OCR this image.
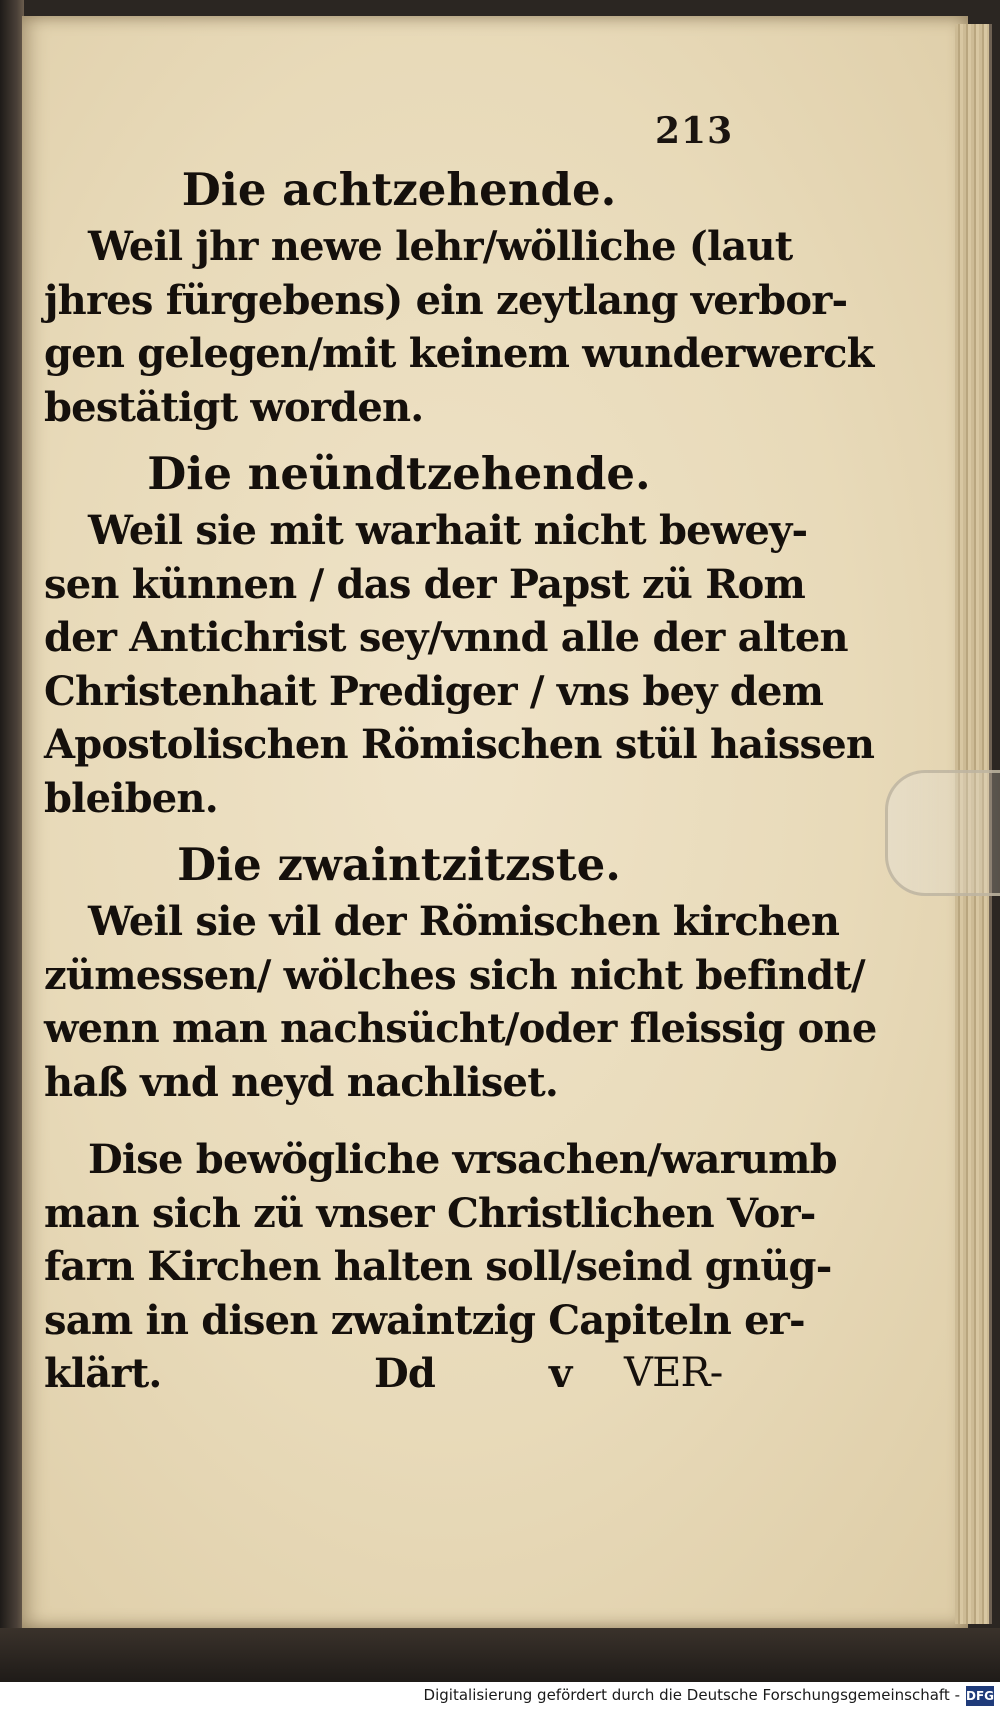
213

Die achtzehende.

Weil jhr newe lehr/wölliche (laut
jhres fürgebens) ein zeytlang verbor-
gen gelegen/mit keinem wunderwerck
bestätigt worden.

Die neündtzehende.

Weil sie mit warhait nicht bewey-
sen künnen / das der Papst zü Rom
der Antichrist sey/vnnd alle der alten
Christenhait Prediger / vns bey dem
Apostolischen Römischen stül haissen
bleiben.

Die zwaintzitzste.

Weil sie vil der Römischen kirchen
zümessen/ wölches sich nicht befindt/
wenn man nachsücht/oder fleissig one
haß vnd neyd nachliset.

Dise bewögliche vrsachen/warumb
man sich zü vnser Christlichen Vor-
farn Kirchen halten soll/seind gnüg-
sam in disen zwaintzig Capiteln er-
klärt.	Dd	v VER-

Digitalisierung gefördert durch die Deutsche Forschungsgemeinschaft - DFG
